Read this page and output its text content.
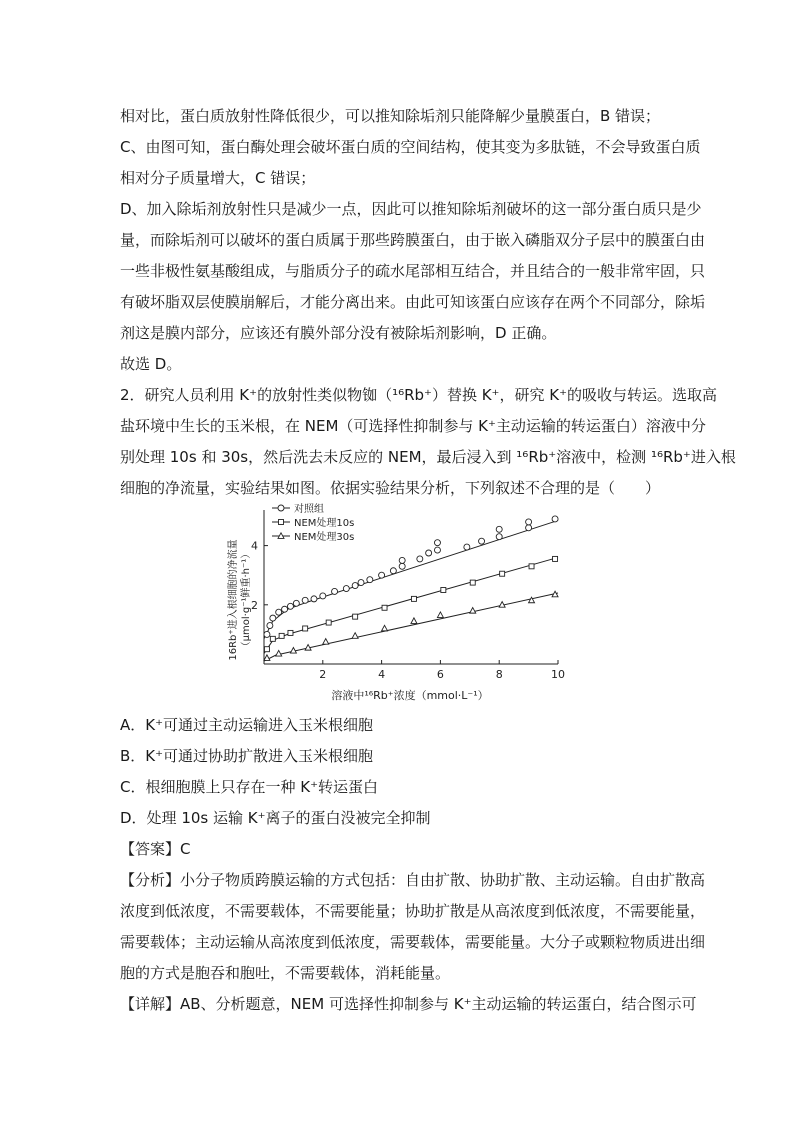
相对比，蛋白质放射性降低很少，可以推知除垢剂只能降解少量膜蛋白，B 错误；
C、由图可知，蛋白酶处理会破坏蛋白质的空间结构，使其变为多肽链，不会导致蛋白质
相对分子质量增大，C 错误；
D、加入除垢剂放射性只是减少一点，因此可以推知除垢剂破坏的这一部分蛋白质只是少
量，而除垢剂可以破坏的蛋白质属于那些跨膜蛋白，由于嵌入磷脂双分子层中的膜蛋白由
一些非极性氨基酸组成，与脂质分子的疏水尾部相互结合，并且结合的一般非常牢固，只
有破坏脂双层使膜崩解后，才能分离出来。由此可知该蛋白应该存在两个不同部分，除垢
剂这是膜内部分，应该还有膜外部分没有被除垢剂影响，D 正确。
故选 D。
2．研究人员利用 K⁺的放射性类似物铷（¹⁶Rb⁺）替换 K⁺，研究 K⁺的吸收与转运。选取高
盐环境中生长的玉米根，在 NEM（可选择性抑制参与 K⁺主动运输的转运蛋白）溶液中分
别处理 10s 和 30s，然后洗去未反应的 NEM，最后浸入到 ¹⁶Rb⁺溶液中，检测 ¹⁶Rb⁺进入根
细胞的净流量，实验结果如图。依据实验结果分析，下列叙述不合理的是（　　）
2	4	6	8	10
2
4
对照组
NEM处理10s
NEM处理30s
溶液中¹⁶Rb⁺浓度（mmol·L⁻¹）
16Rb⁺进入根细胞的净流量 （μmol·g⁻¹鲜重·h⁻¹）
A．K⁺可通过主动运输进入玉米根细胞
B．K⁺可通过协助扩散进入玉米根细胞
C．根细胞膜上只存在一种 K⁺转运蛋白
D．处理 10s 运输 K⁺离子的蛋白没被完全抑制
【答案】C
【分析】小分子物质跨膜运输的方式包括：自由扩散、协助扩散、主动运输。自由扩散高
浓度到低浓度，不需要载体，不需要能量；协助扩散是从高浓度到低浓度，不需要能量，
需要载体；主动运输从高浓度到低浓度，需要载体，需要能量。大分子或颗粒物质进出细
胞的方式是胞吞和胞吐，不需要载体，消耗能量。
【详解】AB、分析题意，NEM 可选择性抑制参与 K⁺主动运输的转运蛋白，结合图示可
